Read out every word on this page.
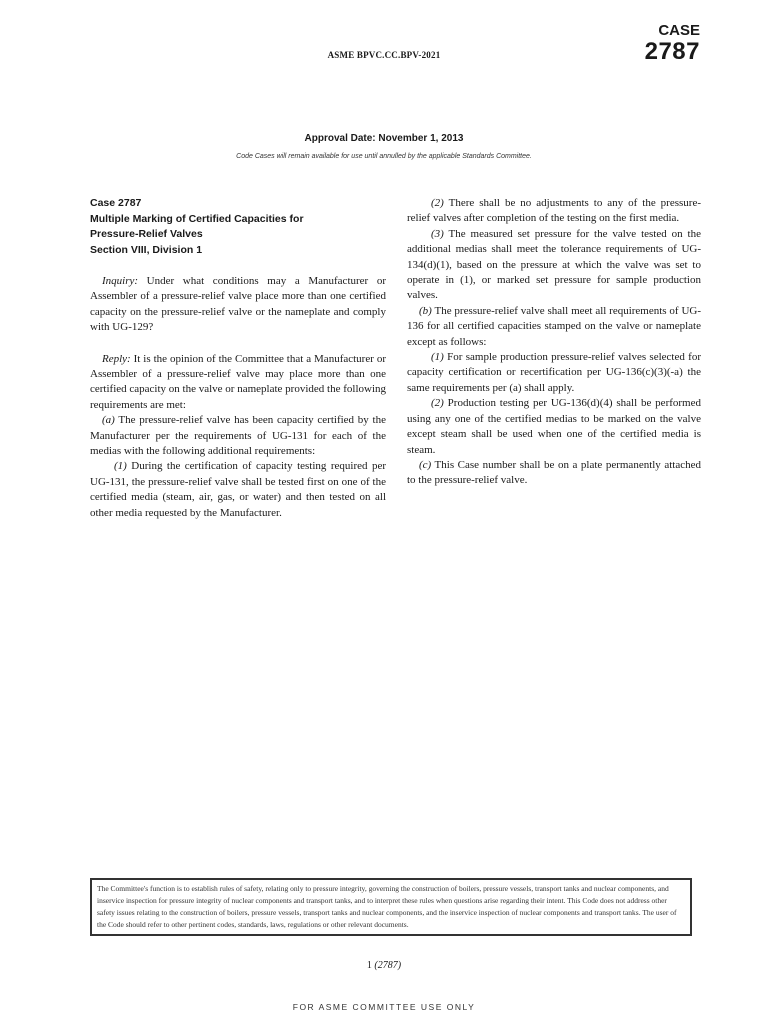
CASE
2787
ASME BPVC.CC.BPV-2021
Approval Date: November 1, 2013
Code Cases will remain available for use until annulled by the applicable Standards Committee.
Case 2787
Multiple Marking of Certified Capacities for
Pressure-Relief Valves
Section VIII, Division 1

Inquiry: Under what conditions may a Manufacturer or Assembler of a pressure-relief valve place more than one certified capacity on the pressure-relief valve or the nameplate and comply with UG-129?

Reply: It is the opinion of the Committee that a Manufacturer or Assembler of a pressure-relief valve may place more than one certified capacity on the valve or nameplate provided the following requirements are met:

(a) The pressure-relief valve has been capacity certified by the Manufacturer per the requirements of UG-131 for each of the medias with the following additional requirements:

(1) During the certification of capacity testing required per UG-131, the pressure-relief valve shall be tested first on one of the certified media (steam, air, gas, or water) and then tested on all other media requested by the Manufacturer.

(2) There shall be no adjustments to any of the pressure-relief valves after completion of the testing on the first media.

(3) The measured set pressure for the valve tested on the additional medias shall meet the tolerance requirements of UG-134(d)(1), based on the pressure at which the valve was set to operate in (1), or marked set pressure for sample production valves.

(b) The pressure-relief valve shall meet all requirements of UG-136 for all certified capacities stamped on the valve or nameplate except as follows:

(1) For sample production pressure-relief valves selected for capacity certification or recertification per UG-136(c)(3)(-a) the same requirements per (a) shall apply.

(2) Production testing per UG-136(d)(4) shall be performed using any one of the certified medias to be marked on the valve except steam shall be used when one of the certified media is steam.

(c) This Case number shall be on a plate permanently attached to the pressure-relief valve.

The Committee's function is to establish rules of safety, relating only to pressure integrity, governing the construction of boilers, pressure vessels, transport tanks and nuclear components, and inservice inspection for pressure integrity of nuclear components and transport tanks, and to interpret these rules when questions arise regarding their intent. This Code does not address other safety issues relating to the construction of boilers, pressure vessels, transport tanks and nuclear components, and the inservice inspection of nuclear components and transport tanks. The user of the Code should refer to other pertinent codes, standards, laws, regulations or other relevant documents.
1 (2787)
FOR ASME COMMITTEE USE ONLY
